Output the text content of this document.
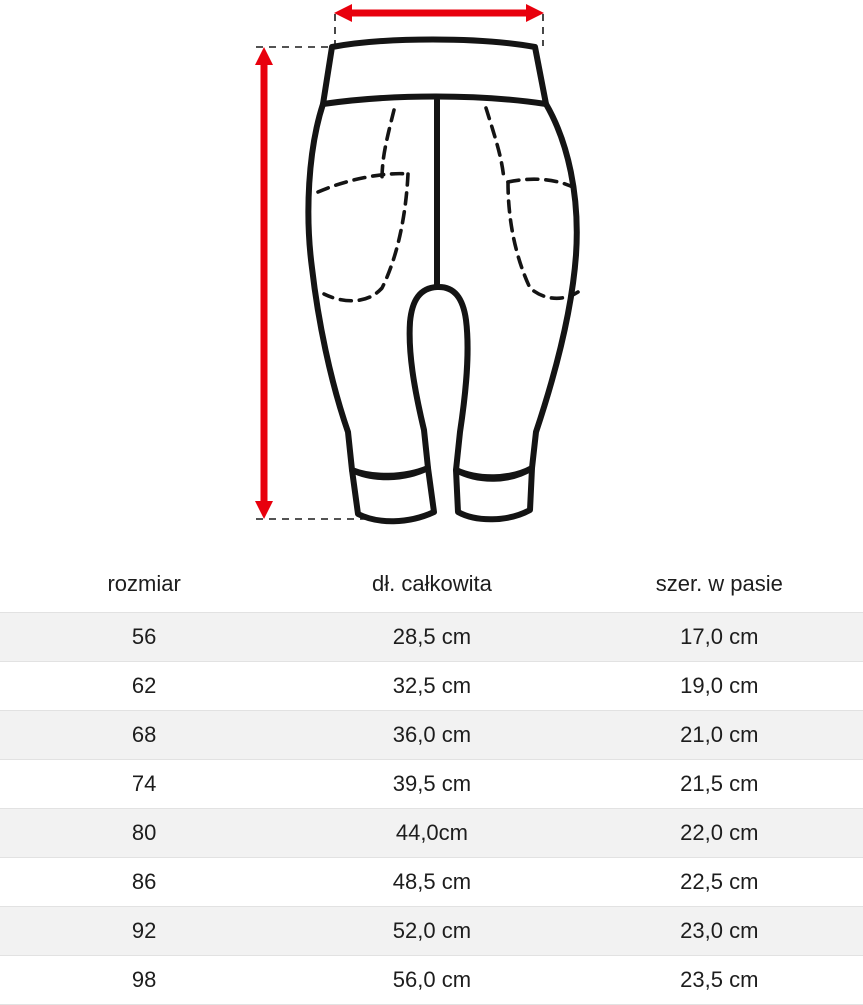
rozmiar	dł. całkowita	szer. w pasie
56	28,5 cm	17,0 cm
62	32,5 cm	19,0 cm
68	36,0 cm	21,0 cm
74	39,5 cm	21,5 cm
80	44,0cm	22,0 cm
86	48,5 cm	22,5 cm
92	52,0 cm	23,0 cm
98	56,0 cm	23,5 cm
